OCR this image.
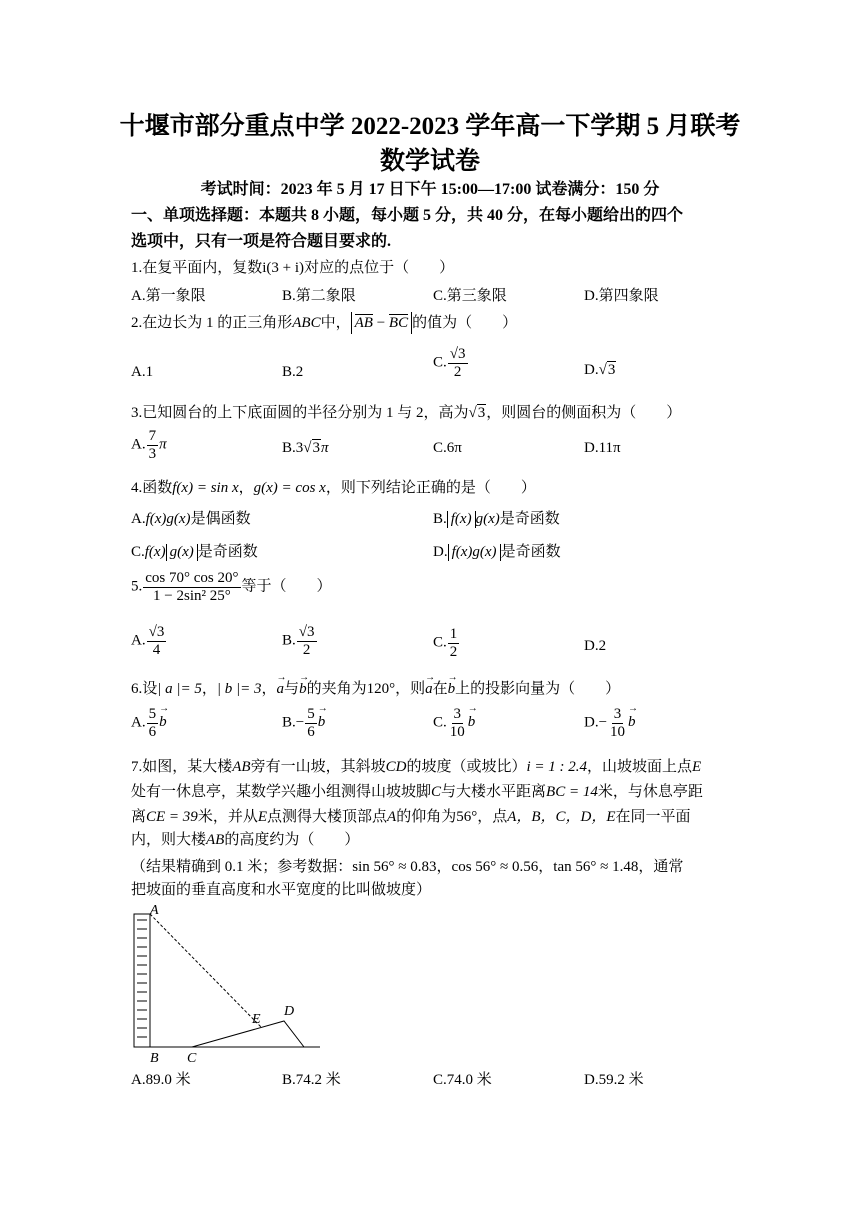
十堰市部分重点中学 2022-2023 学年高一下学期 5 月联考
数学试卷
考试时间：2023 年 5 月 17 日下午 15:00—17:00 试卷满分：150 分
一、单项选择题：本题共 8 小题，每小题 5 分，共 40 分，在每小题给出的四个
选项中，只有一项是符合题目要求的.
1.在复平面内，复数i(3 + i)对应的点位于（　　）
A.第一象限	B.第二象限	C.第三象限	D.第四象限
2.在边长为 1 的正三角形ABC中， AB − BC 的值为（　　）
A.1	B.2
C. $\frac{√3}{2}$	D.√3
3.已知圆台的上下底面圆的半径分别为 1 与 2，高为√3，则圆台的侧面积为（　　）
A. $\frac{7}{3}$ π	B.3√3π	C.6π	D.11π
4.函数f(x) = sin x，g(x) = cos x，则下列结论正确的是（　　）
A.f(x)g(x)是偶函数	B. f(x) g(x)是奇函数
C.f(x) g(x) 是奇函数	D. f(x)g(x) 是奇函数
5. $\frac{\cos 70^\circ \cos 20^\circ}{\text{1 − 2sin² 25°}}$ 等于（　　）
A. $\frac{√3}{4}$	B. $\frac{√3}{2}$	C. $\frac{1}{2}$	D.2
6.设| a |= 5，| b |= 3，→ a与→ b的夹角为120°，则→ a在→ b上的投影向量为（　　）
A. $\frac{5}{6} \to b$	$B.- \frac{5}{6} \to b$	C. $\frac{3}{10} \to b$	$D.- \frac{3}{10} \to b$
7.如图，某大楼AB旁有一山坡，其斜坡CD的坡度（或坡比）i = 1 : 2.4，山坡坡面上点E
处有一休息亭，某数学兴趣小组测得山坡坡脚C与大楼水平距离BC = 14米，与休息亭距
离CE = 39米，并从E点测得大楼顶部点A的仰角为56°，点A，B，C，D，E在同一平面
内，则大楼AB的高度约为（　　）
（结果精确到 0.1 米；参考数据：sin 56° ≈ 0.83，cos 56° ≈ 0.56，tan 56° ≈ 1.48，通常
把坡面的垂直高度和水平宽度的比叫做坡度）
A
B C
D
E
A.89.0 米	B.74.2 米	C.74.0 米	D.59.2 米
